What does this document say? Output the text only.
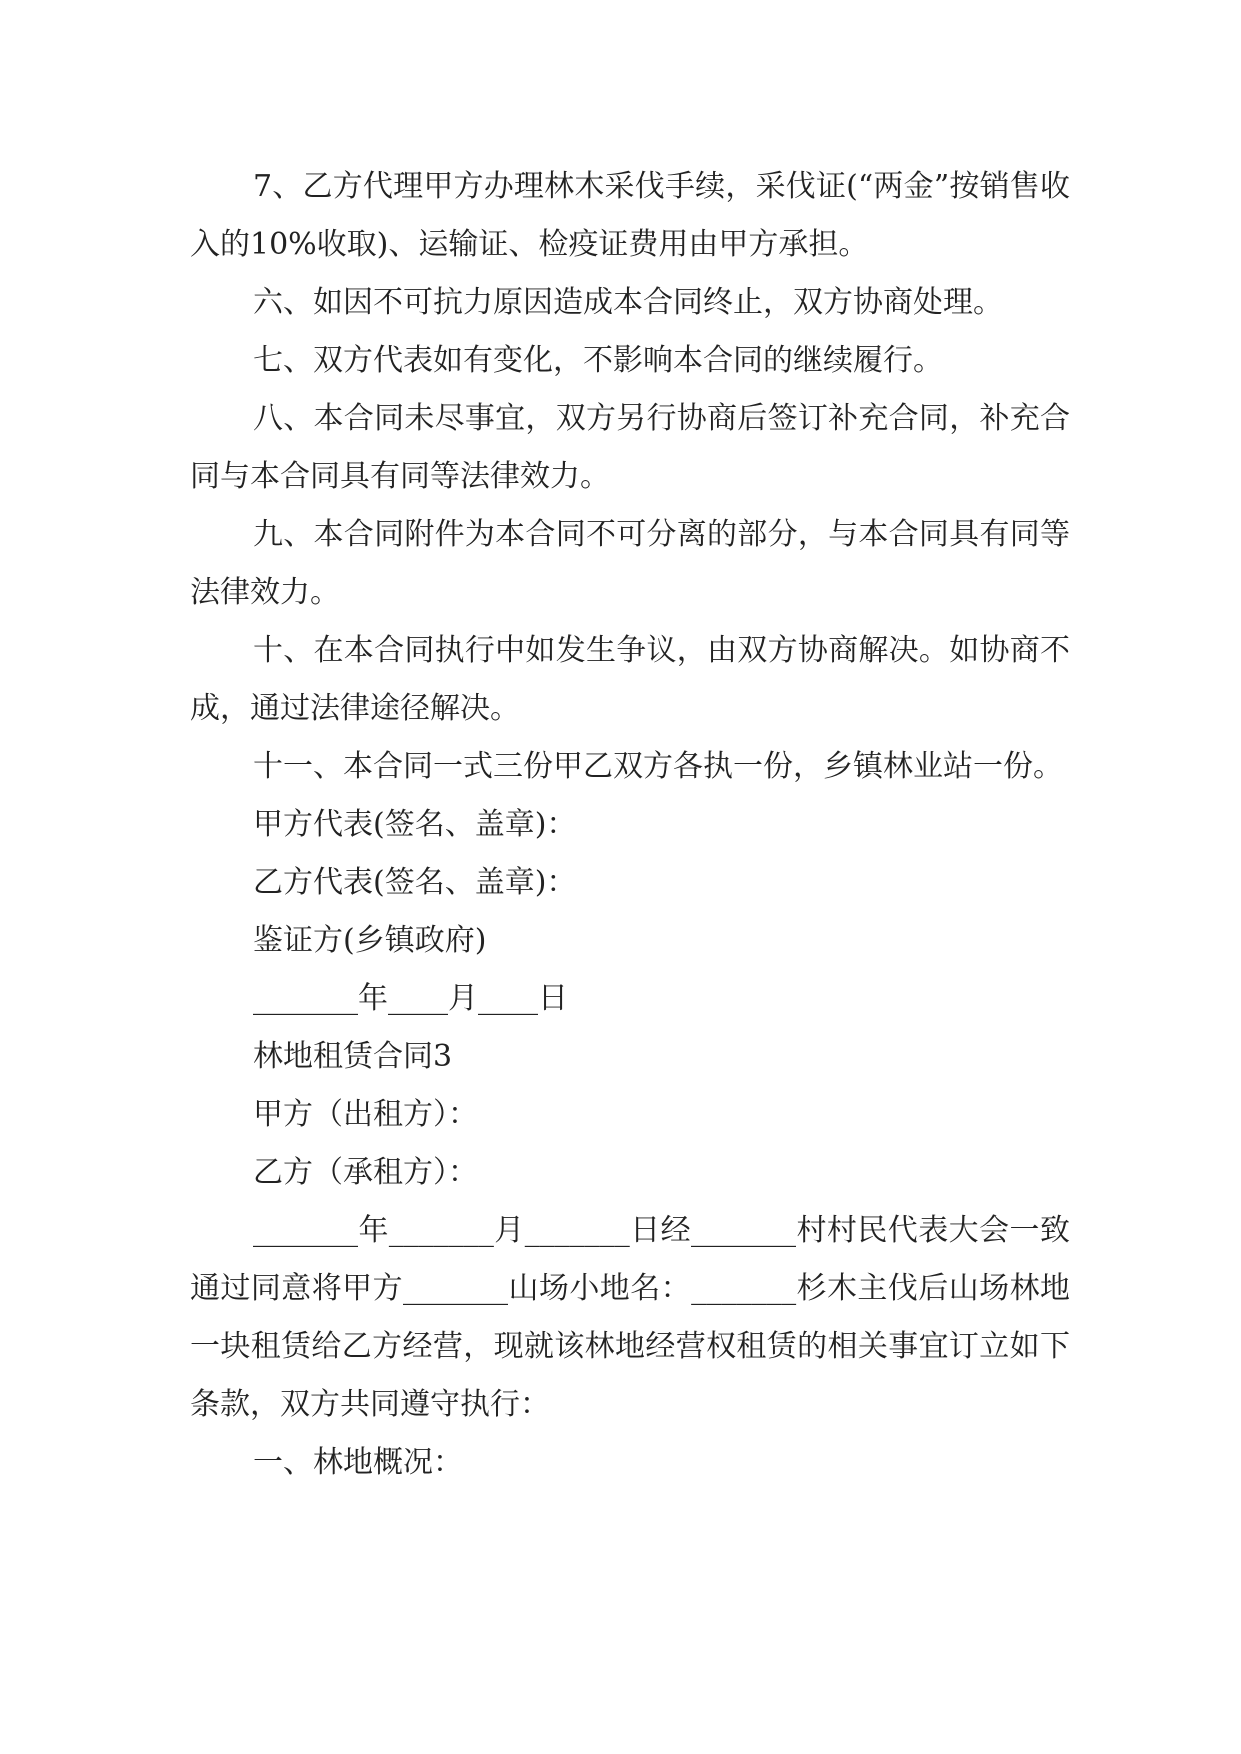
7、乙方代理甲方办理林木采伐手续，采伐证(“两金”按销售收入的10%收取)、运输证、检疫证费用由甲方承担。

六、如因不可抗力原因造成本合同终止，双方协商处理。

七、双方代表如有变化，不影响本合同的继续履行。

八、本合同未尽事宜，双方另行协商后签订补充合同，补充合同与本合同具有同等法律效力。

九、本合同附件为本合同不可分离的部分，与本合同具有同等法律效力。

十、在本合同执行中如发生争议，由双方协商解决。如协商不成，通过法律途径解决。

十一、本合同一式三份甲乙双方各执一份，乡镇林业站一份。

甲方代表(签名、盖章)：

乙方代表(签名、盖章)：

鉴证方(乡镇政府)

_______年____月____日

林地租赁合同3

甲方（出租方）：

乙方（承租方）：

_______年_______月_______日经_______村村民代表大会一致通过同意将甲方_______山场小地名：_______杉木主伐后山场林地一块租赁给乙方经营，现就该林地经营权租赁的相关事宜订立如下条款，双方共同遵守执行：

一、林地概况：
